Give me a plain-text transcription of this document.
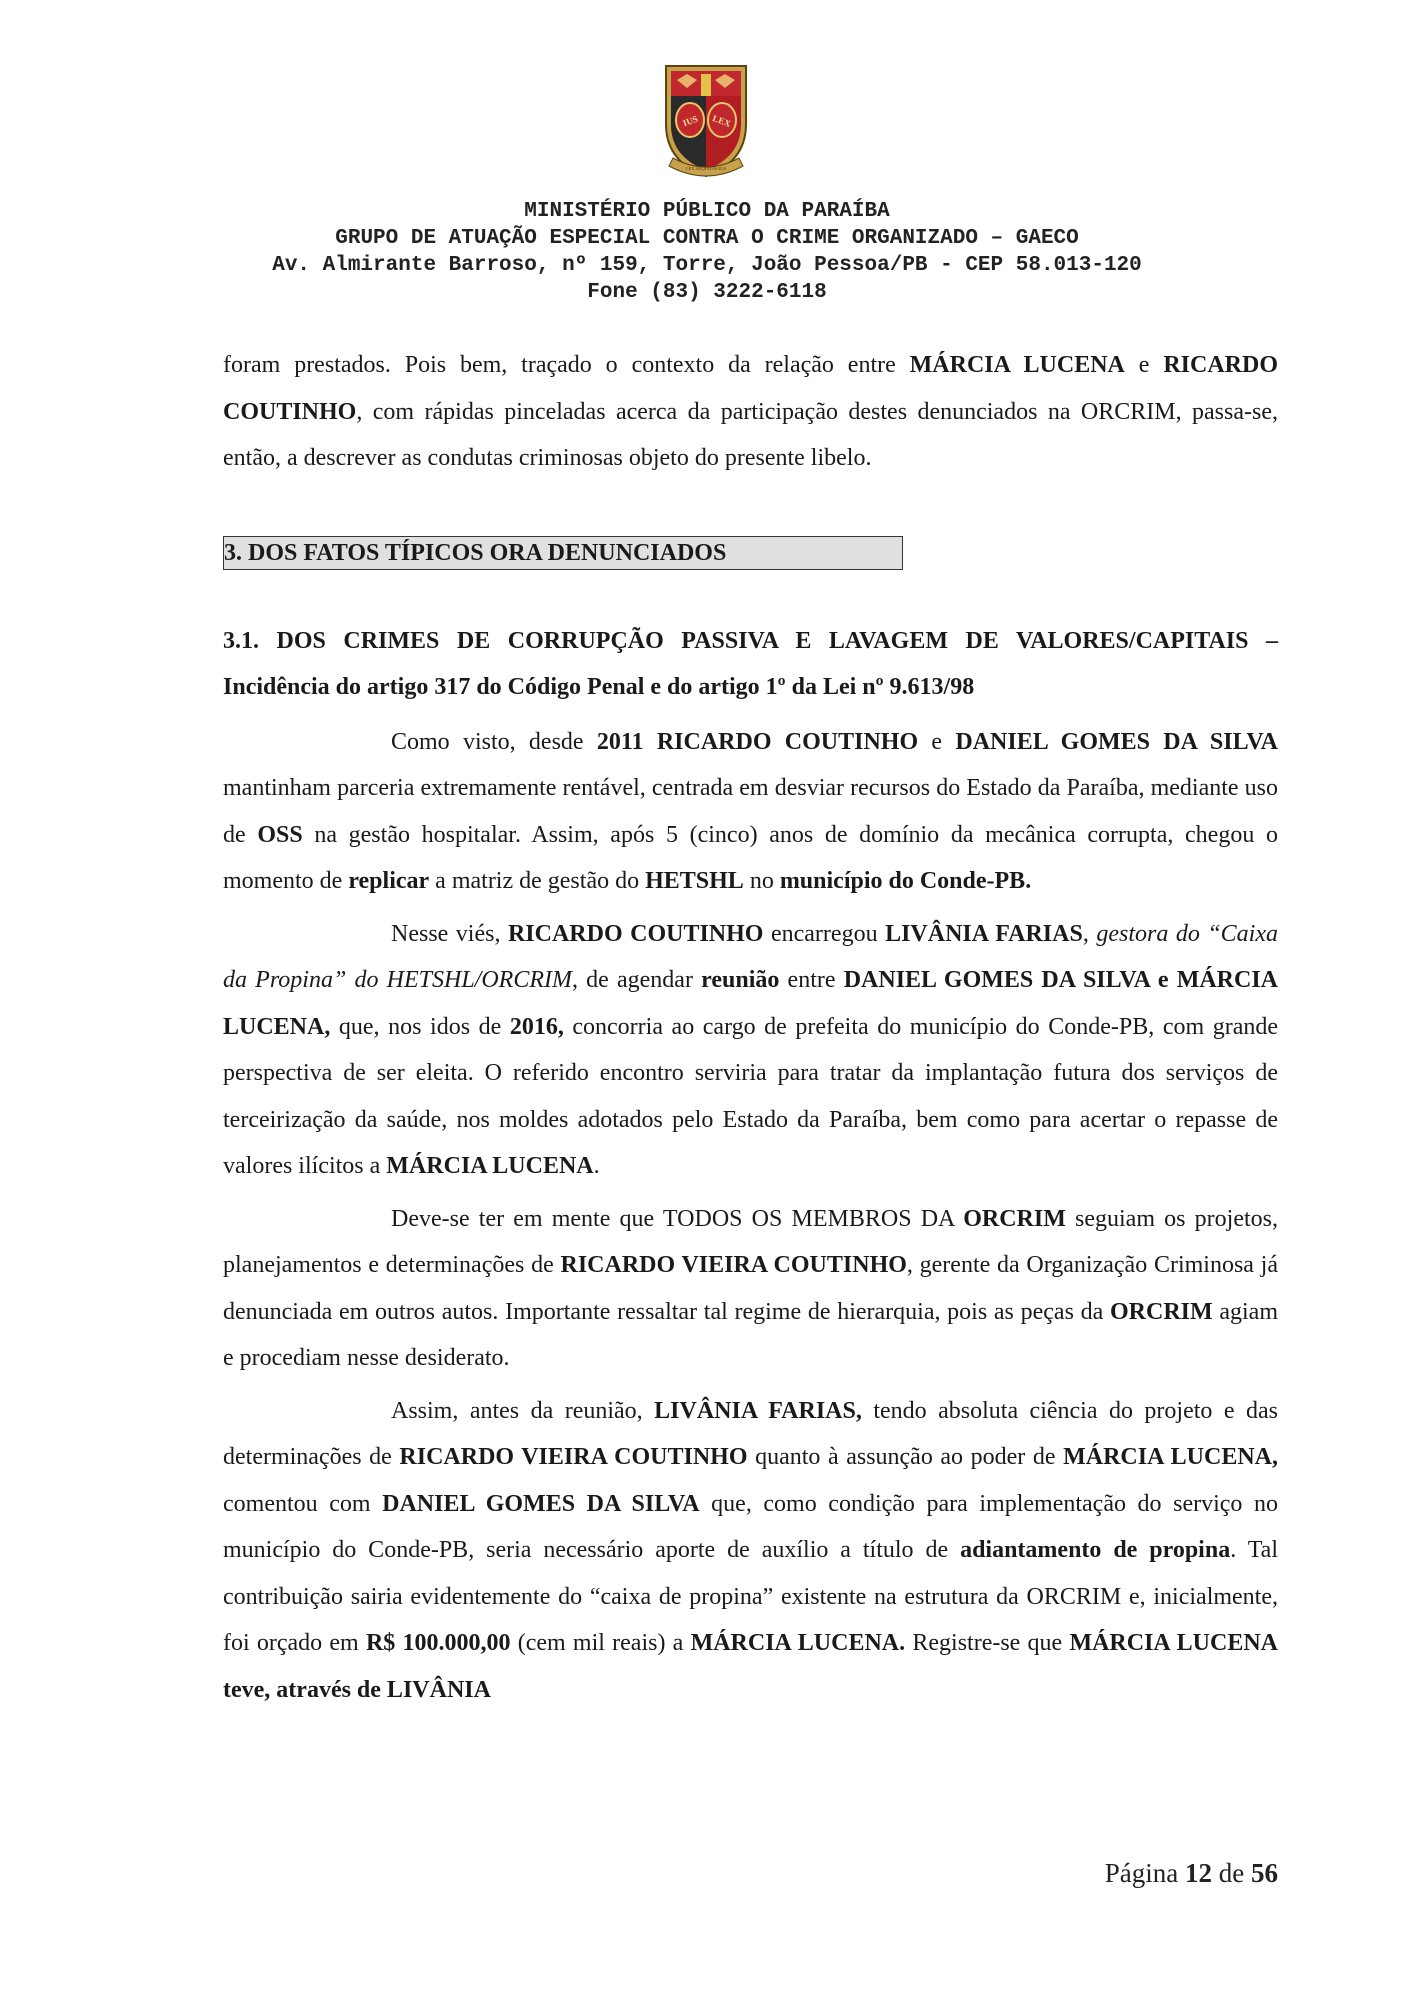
IUS LEX
LEX AEQUITAS IUS
MINISTÉRIO PÚBLICO DA PARAÍBA
GRUPO DE ATUAÇÃO ESPECIAL CONTRA O CRIME ORGANIZADO – GAECO
Av. Almirante Barroso, nº 159, Torre, João Pessoa/PB - CEP 58.013-120
Fone (83) 3222-6118

foram prestados. Pois bem, traçado o contexto da relação entre MÁRCIA LUCENA e RICARDO COUTINHO, com rápidas pinceladas acerca da participação destes denunciados na ORCRIM, passa-se, então, a descrever as condutas criminosas objeto do presente libelo.

3. DOS FATOS TÍPICOS ORA DENUNCIADOS

3.1. DOS CRIMES DE CORRUPÇÃO PASSIVA E LAVAGEM DE VALORES/CAPITAIS –
Incidência do artigo 317 do Código Penal e do artigo 1º da Lei nº 9.613/98

Como visto, desde 2011 RICARDO COUTINHO e DANIEL GOMES DA SILVA mantinham parceria extremamente rentável, centrada em desviar recursos do Estado da Paraíba, mediante uso de OSS na gestão hospitalar. Assim, após 5 (cinco) anos de domínio da mecânica corrupta, chegou o momento de replicar a matriz de gestão do HETSHL no município do Conde-PB.

Nesse viés, RICARDO COUTINHO encarregou LIVÂNIA FARIAS, gestora do “Caixa da Propina” do HETSHL/ORCRIM, de agendar reunião entre DANIEL GOMES DA SILVA e MÁRCIA LUCENA, que, nos idos de 2016, concorria ao cargo de prefeita do município do Conde-PB, com grande perspectiva de ser eleita. O referido encontro serviria para tratar da implantação futura dos serviços de terceirização da saúde, nos moldes adotados pelo Estado da Paraíba, bem como para acertar o repasse de valores ilícitos a MÁRCIA LUCENA.

Deve-se ter em mente que TODOS OS MEMBROS DA ORCRIM seguiam os projetos, planejamentos e determinações de RICARDO VIEIRA COUTINHO, gerente da Organização Criminosa já denunciada em outros autos. Importante ressaltar tal regime de hierarquia, pois as peças da ORCRIM agiam e procediam nesse desiderato.

Assim, antes da reunião, LIVÂNIA FARIAS, tendo absoluta ciência do projeto e das determinações de RICARDO VIEIRA COUTINHO quanto à assunção ao poder de MÁRCIA LUCENA, comentou com DANIEL GOMES DA SILVA que, como condição para implementação do serviço no município do Conde-PB, seria necessário aporte de auxílio a título de adiantamento de propina. Tal contribuição sairia evidentemente do “caixa de propina” existente na estrutura da ORCRIM e, inicialmente, foi orçado em R$ 100.000,00 (cem mil reais) a MÁRCIA LUCENA. Registre-se que MÁRCIA LUCENA teve, através de LIVÂNIA

Página 12 de 56
